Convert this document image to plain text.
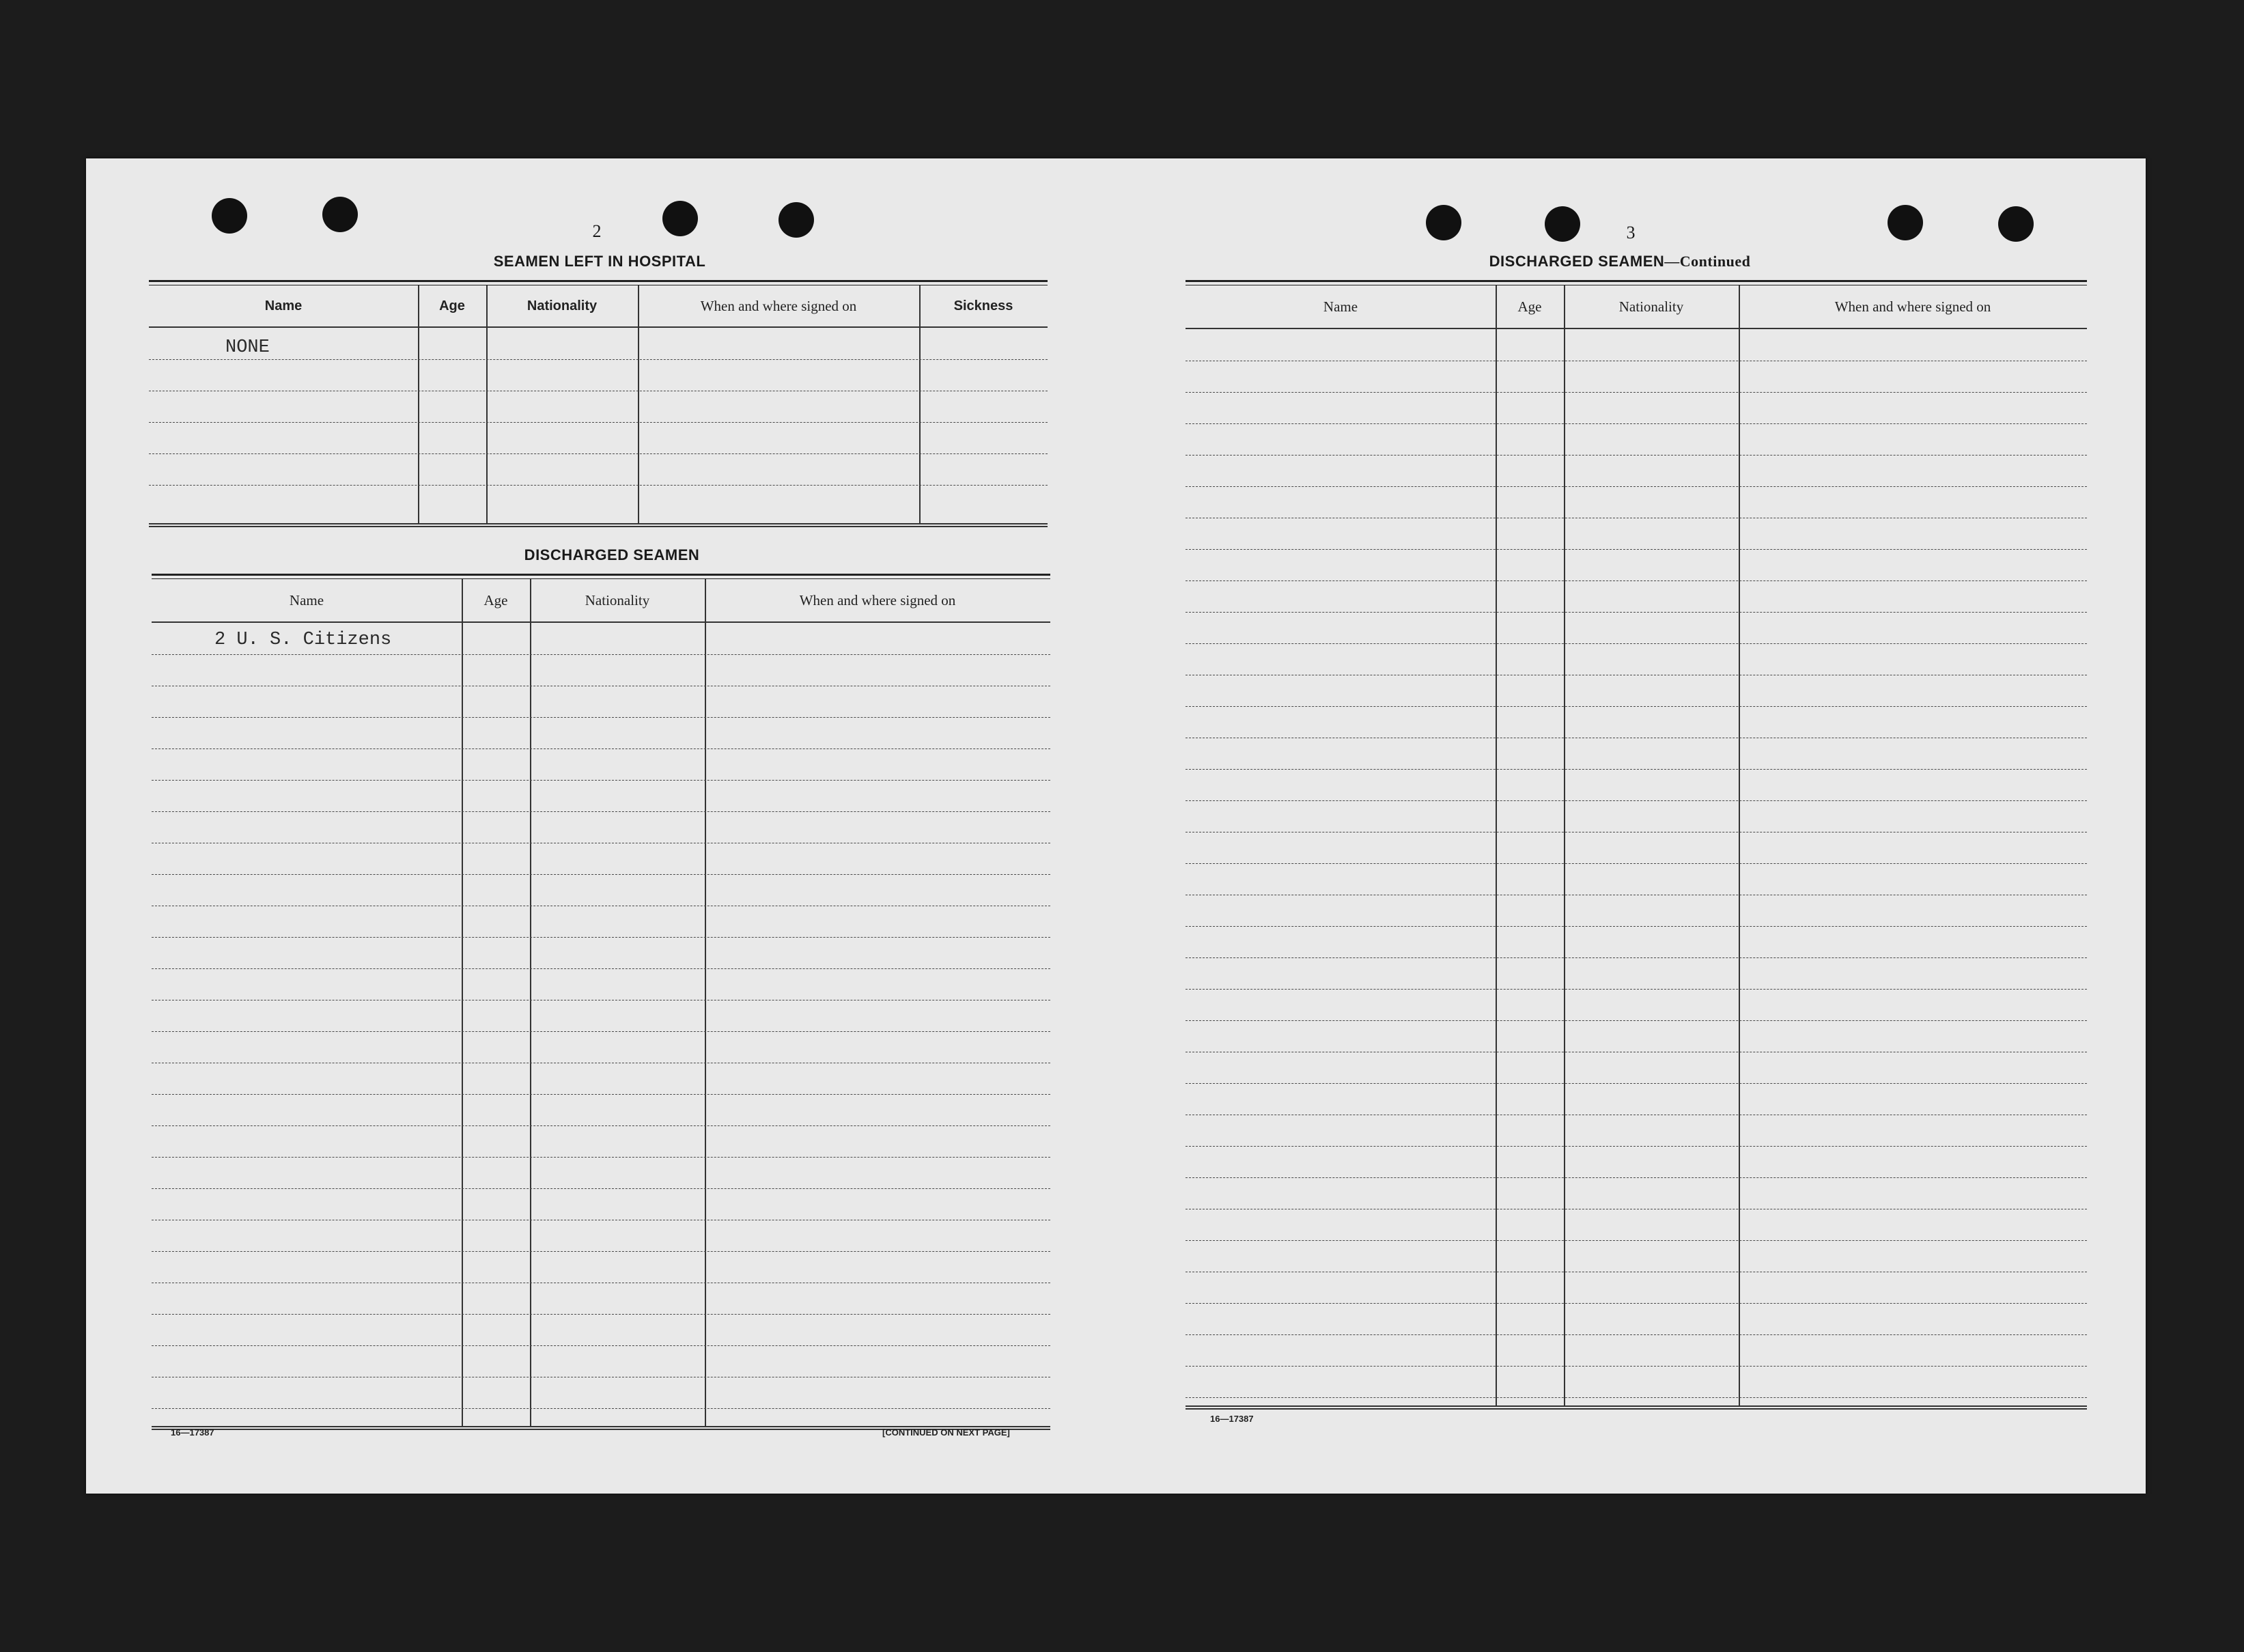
2
SEAMEN LEFT IN HOSPITAL
Name	Age	Nationality	When and where signed on	Sickness
NONE
DISCHARGED SEAMEN
Name	Age	Nationality	When and where signed on
2 U. S. Citizens
16—17387	[CONTINUED ON NEXT PAGE]
3
DISCHARGED SEAMEN—Continued
Name	Age	Nationality	When and where signed on
16—17387
